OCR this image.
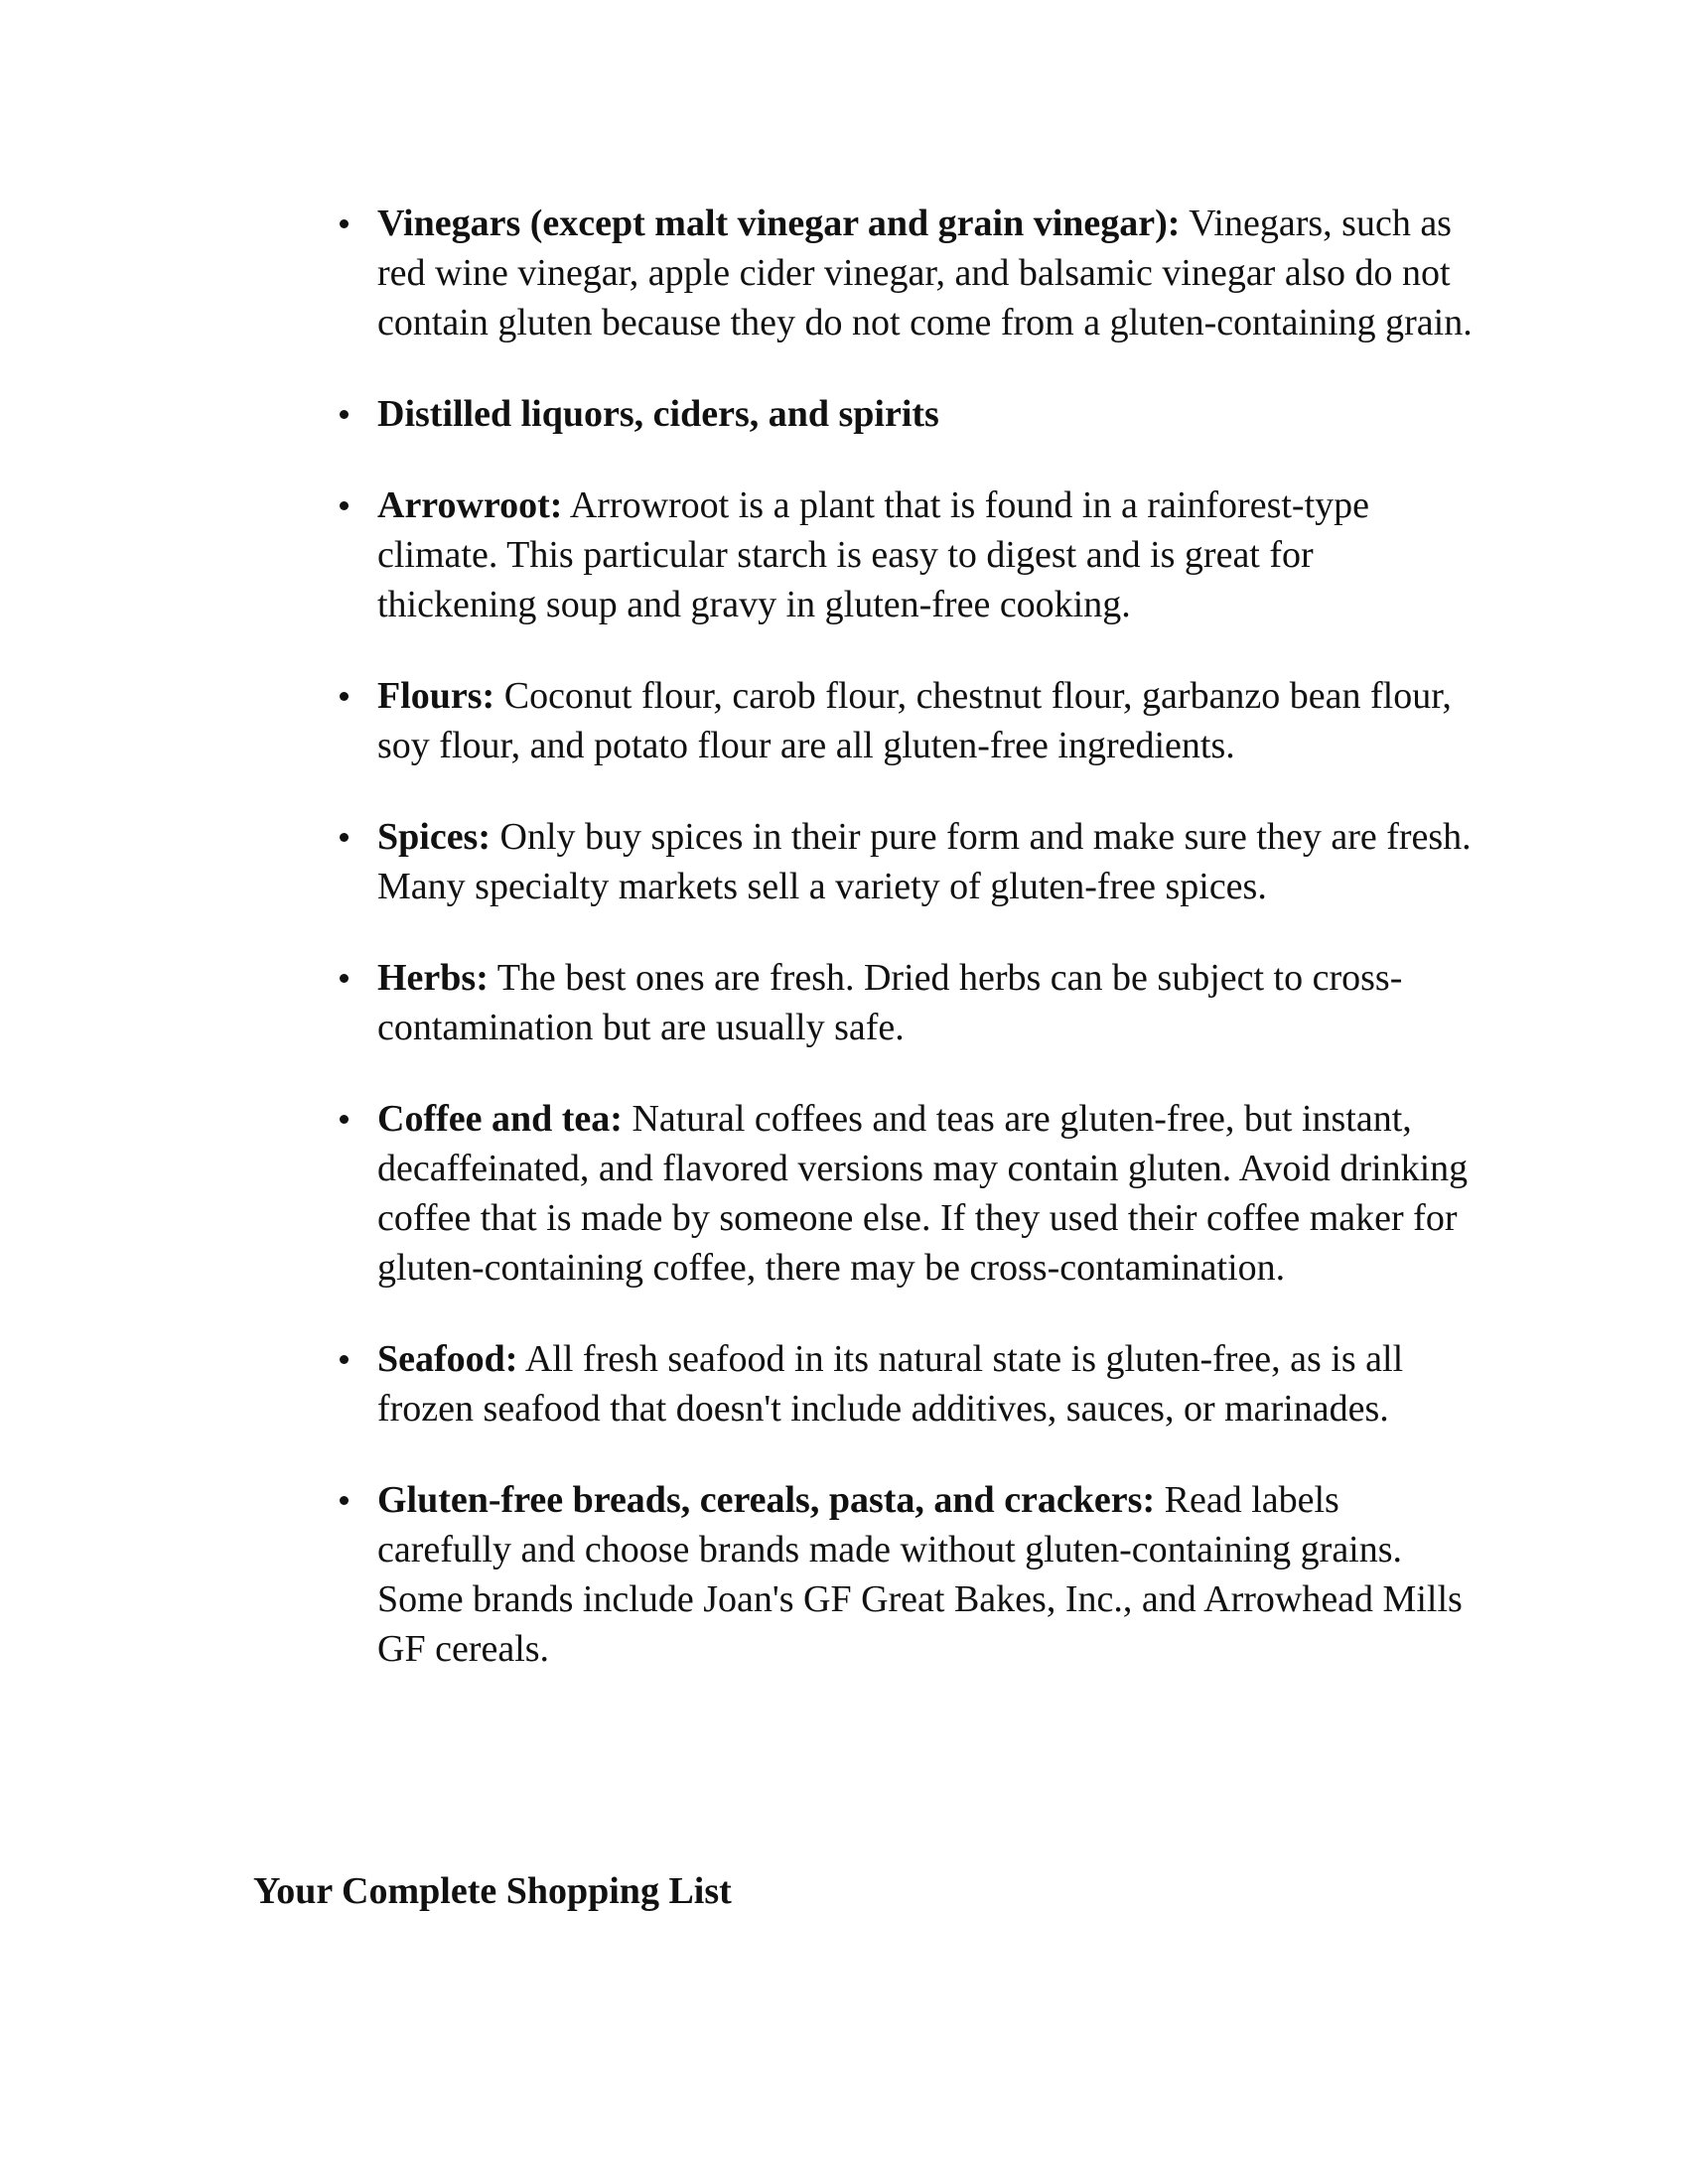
Vinegars (except malt vinegar and grain vinegar): Vinegars, such as red wine vinegar, apple cider vinegar, and balsamic vinegar also do not contain gluten because they do not come from a gluten-containing grain.
Distilled liquors, ciders, and spirits
Arrowroot: Arrowroot is a plant that is found in a rainforest-type climate. This particular starch is easy to digest and is great for thickening soup and gravy in gluten-free cooking.
Flours: Coconut flour, carob flour, chestnut flour, garbanzo bean flour, soy flour, and potato flour are all gluten-free ingredients.
Spices: Only buy spices in their pure form and make sure they are fresh. Many specialty markets sell a variety of gluten-free spices.
Herbs: The best ones are fresh. Dried herbs can be subject to cross-contamination but are usually safe.
Coffee and tea: Natural coffees and teas are gluten-free, but instant, decaffeinated, and flavored versions may contain gluten. Avoid drinking coffee that is made by someone else. If they used their coffee maker for gluten-containing coffee, there may be cross-contamination.
Seafood: All fresh seafood in its natural state is gluten-free, as is all frozen seafood that doesn't include additives, sauces, or marinades.
Gluten-free breads, cereals, pasta, and crackers: Read labels carefully and choose brands made without gluten-containing grains. Some brands include Joan's GF Great Bakes, Inc., and Arrowhead Mills GF cereals.
Your Complete Shopping List
